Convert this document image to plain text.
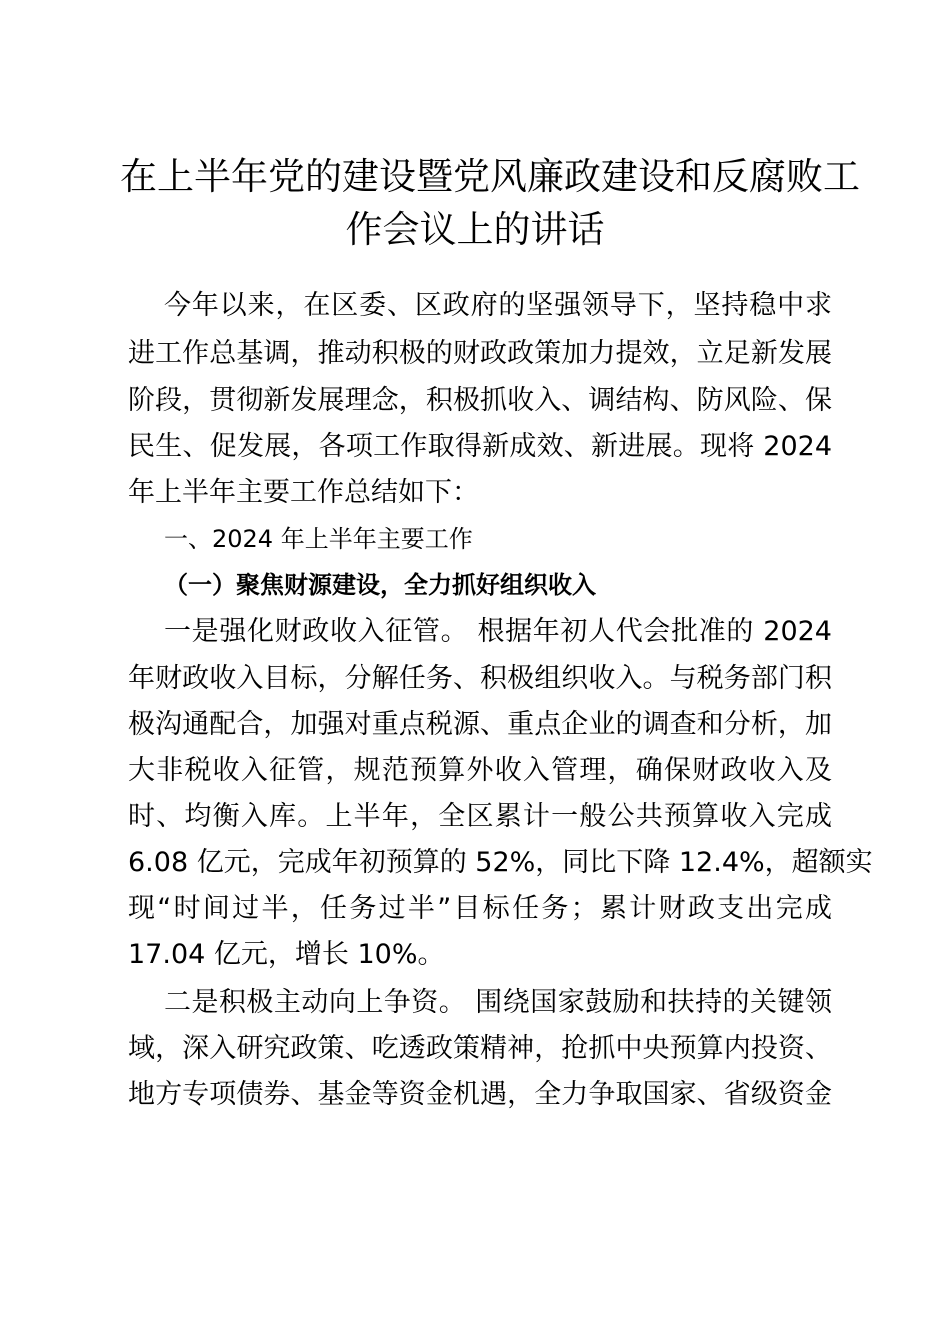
在上半年党的建设暨党风廉政建设和反腐败工
作会议上的讲话
今年以来，在区委、区政府的坚强领导下，坚持稳中求
进工作总基调，推动积极的财政政策加力提效，立足新发展
阶段，贯彻新发展理念，积极抓收入、调结构、防风险、保
民生、促发展，各项工作取得新成效、新进展。现将 2024
年上半年主要工作总结如下：
一、2024 年上半年主要工作
（一）聚焦财源建设，全力抓好组织收入
一是强化财政收入征管。 根据年初人代会批准的 2024
年财政收入目标，分解任务、积极组织收入。与税务部门积
极沟通配合，加强对重点税源、重点企业的调查和分析，加
大非税收入征管，规范预算外收入管理，确保财政收入及
时、均衡入库。上半年，全区累计一般公共预算收入完成
6.08 亿元，完成年初预算的 52%，同比下降 12.4%，超额实
现“时间过半，任务过半”目标任务；累计财政支出完成
17.04 亿元，增长 10%。
二是积极主动向上争资。 围绕国家鼓励和扶持的关键领
域，深入研究政策、吃透政策精神，抢抓中央预算内投资、
地方专项债券、基金等资金机遇，全力争取国家、省级资金
